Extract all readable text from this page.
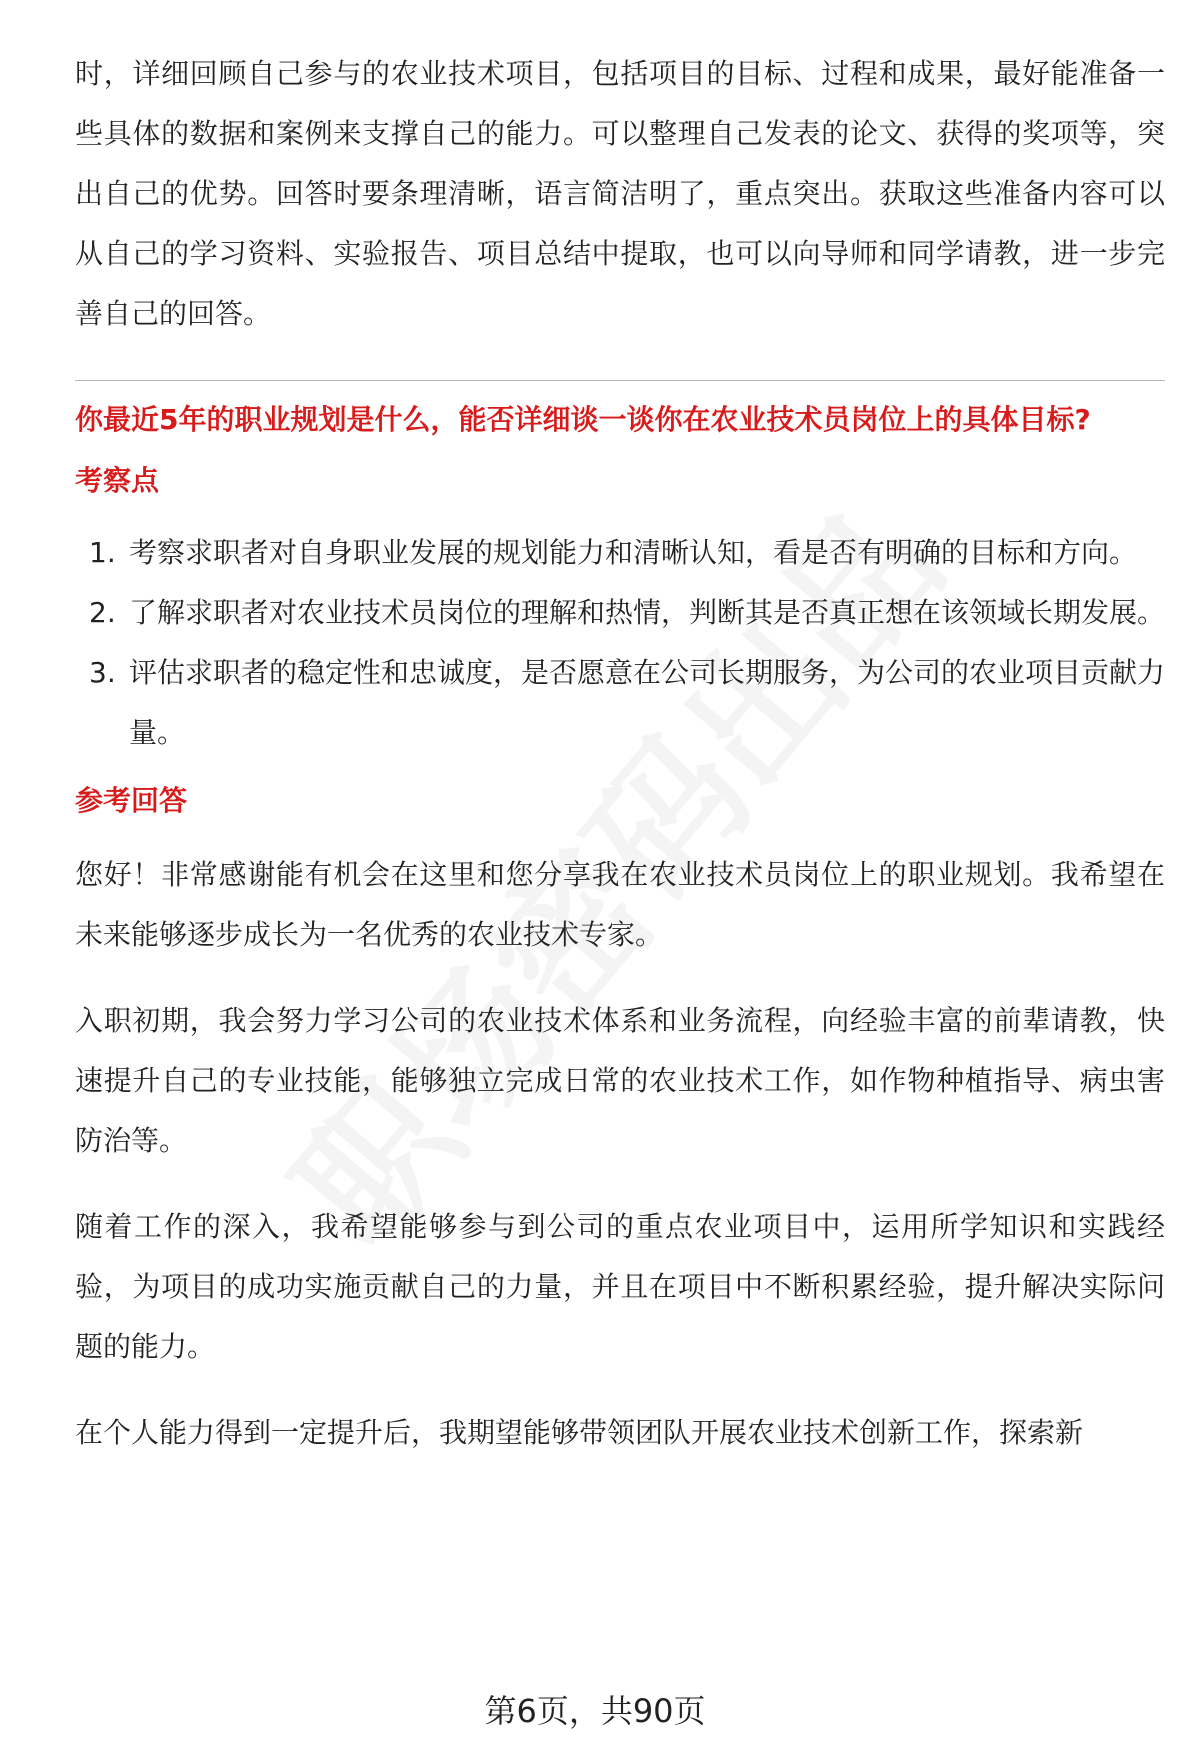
时，详细回顾自己参与的农业技术项目，包括项目的目标、过程和成果，最好能准备一些具体的数据和案例来支撑自己的能力。可以整理自己发表的论文、获得的奖项等，突出自己的优势。回答时要条理清晰，语言简洁明了，重点突出。获取这些准备内容可以从自己的学习资料、实验报告、项目总结中提取，也可以向导师和同学请教，进一步完善自己的回答。

你最近5年的职业规划是什么，能否详细谈一谈你在农业技术员岗位上的具体目标?

考察点

1. 考察求职者对自身职业发展的规划能力和清晰认知，看是否有明确的目标和方向。
2. 了解求职者对农业技术员岗位的理解和热情，判断其是否真正想在该领域长期发展。
3. 评估求职者的稳定性和忠诚度，是否愿意在公司长期服务，为公司的农业项目贡献力量。

参考回答

您好！非常感谢能有机会在这里和您分享我在农业技术员岗位上的职业规划。我希望在未来能够逐步成长为一名优秀的农业技术专家。

入职初期，我会努力学习公司的农业技术体系和业务流程，向经验丰富的前辈请教，快速提升自己的专业技能，能够独立完成日常的农业技术工作，如作物种植指导、病虫害防治等。

随着工作的深入，我希望能够参与到公司的重点农业项目中，运用所学知识和实践经验，为项目的成功实施贡献自己的力量，并且在项目中不断积累经验，提升解决实际问题的能力。

在个人能力得到一定提升后，我期望能够带领团队开展农业技术创新工作，探索新

第6页，共90页
